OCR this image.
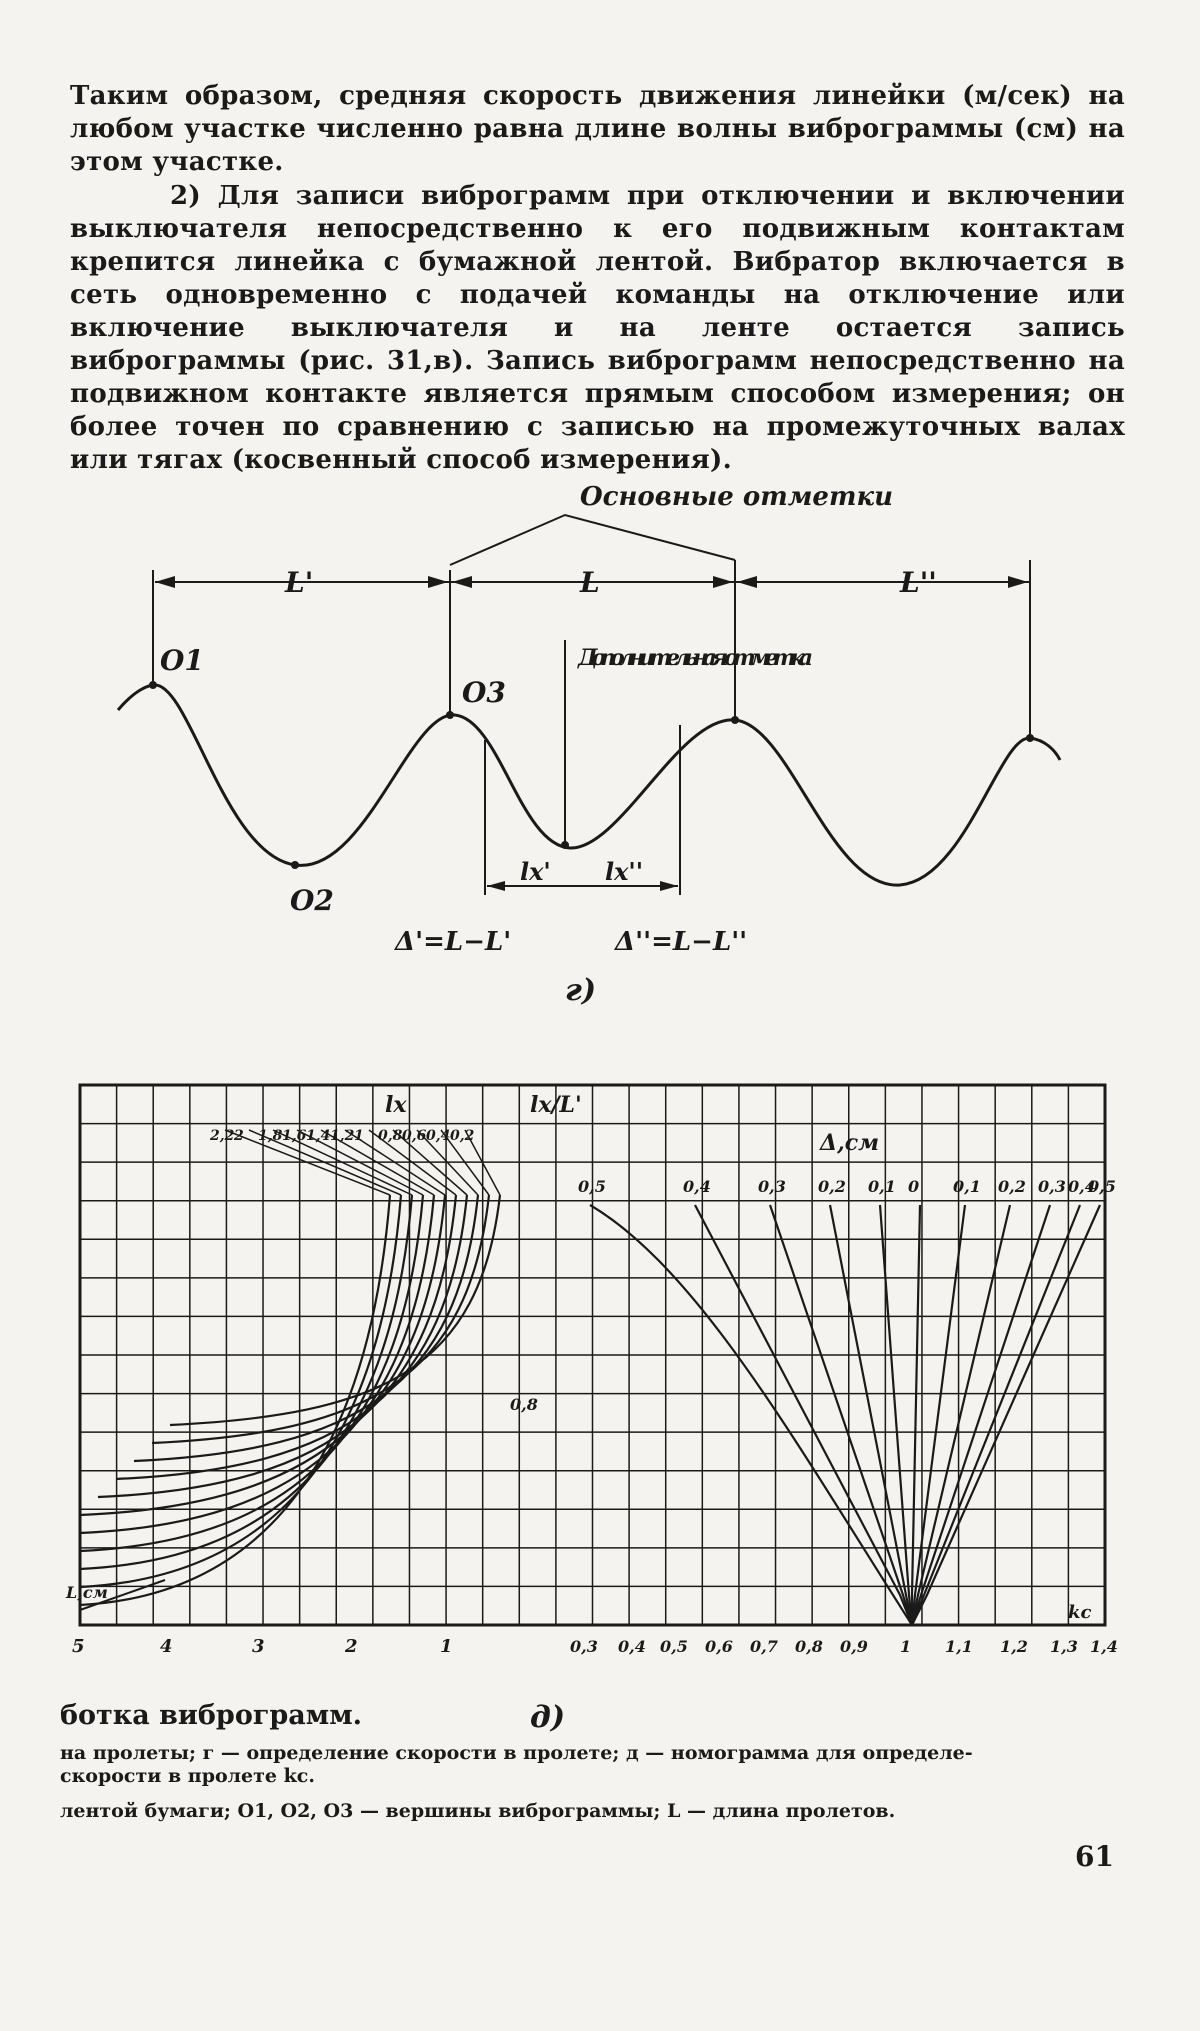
Таким образом, средняя скорость движения линейки (м/сек) на любом участке численно равна длине волны виброграммы (см) на этом участке.
2) Для записи виброграмм при отключении и включении выключателя непосредственно к его подвижным контактам крепится линейка с бумажной лентой. Вибратор включается в сеть одновременно с подачей команды на отключение или включение выключателя и на ленте остается запись виброграммы (рис. 31,в). Запись виброграмм непосредственно на подвижном контакте является прямым способом измерения; он более точен по сравнению с записью на промежуточных валах или тягах (косвенный способ измерения).
Основные отметки
L'	L	L''
O1
O3
O2
Дополнительная отметка
lx' lx''
Δ'=L−L'	Δ''=L−L''
г)
2,2 2 1,8 1,6 1,4 1,2 1 0,8 0,6 0,4 0,2
0,5	0,4	0,3 0,2 0,1 0 0,1 0,2 0,3 0,4
0,5
5	4	3	2	1	0,3 0,4 0,5 0,6 0,7 0,8 0,9 1 1,1 1,2 1,3 1,4
lx	lx/L'
Δ,см
0,8
L,см
kc
ботка виброграмм.	д)
на пролеты; г — определение скорости в пролете; д — номограмма для определе-
скорости в пролете kc.
лентой бумаги; O1, O2, O3 — вершины виброграммы; L — длина пролетов.
61
